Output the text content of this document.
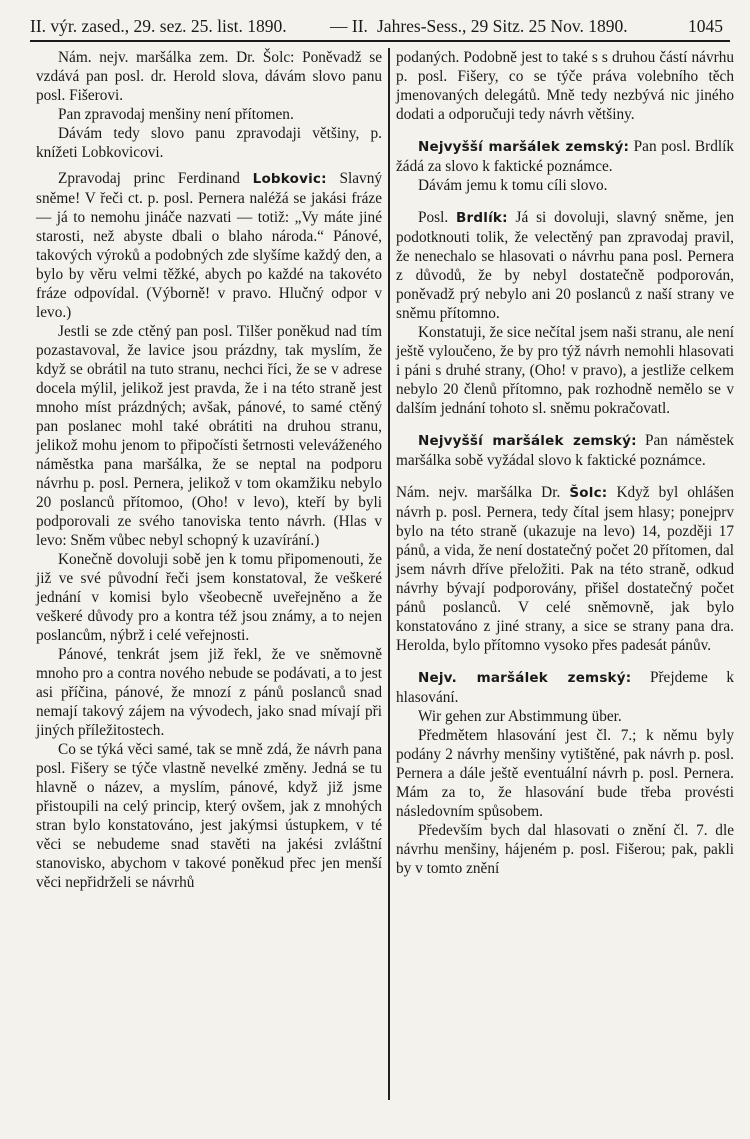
II. výr. zased., 29. sez. 25. list. 1890. — II. Jahres-Sess., 29 Sitz. 25 Nov. 1890.	1045

Nám. nejv. maršálka zem. Dr. Šolc: Poněvadž se vzdává pan posl. dr. Herold slova, dávám slovo panu posl. Fišerovi.

Pan zpravodaj menšiny není přítomen.

Dávám tedy slovo panu zpravodaji většiny, p. knížeti Lobkovicovi.

Zpravodaj princ Ferdinand Lobkovic: Slavný sněme! V řeči ct. p. posl. Pernera naléžá se jakási fráze — já to nemohu jináče nazvati — totiž: „Vy máte jiné starosti, než abyste dbali o blaho národa.“ Pánové, takových výroků a podobných zde slyšíme každý den, a bylo by věru velmi těžké, abych po každé na takovéto fráze odpovídal. (Výborně! v pravo. Hlučný odpor v levo.)

Jestli se zde ctěný pan posl. Tilšer poněkud nad tím pozastavoval, že lavice jsou prázdny, tak myslím, že když se obrátil na tuto stranu, nechci říci, že se v adrese docela mýlil, jelikož jest pravda, že i na této straně jest mnoho míst prázdných; avšak, pánové, to samé ctěný pan poslanec mohl také obrátiti na druhou stranu, jelikož mohu jenom to připočísti šetrnosti veleváženého náměstka pana maršálka, že se neptal na podporu návrhu p. posl. Pernera, jelikož v tom okamžiku nebylo 20 poslanců přítomoo, (Oho! v levo), kteří by byli podporovali ze svého tanoviska tento návrh. (Hlas v levo: Sněm vůbec nebyl schopný k uzavírání.)

Konečně dovoluji sobě jen k tomu připomenouti, že již ve své původní řeči jsem konstatoval, že veškeré jednání v komisi bylo všeobecně uveřejněno a že veškeré důvody pro a kontra též jsou známy, a to nejen poslancům, nýbrž i celé veřejnosti.

Pánové, tenkrát jsem již řekl, že ve sněmovně mnoho pro a contra nového nebude se podávati, a to jest asi příčina, pánové, že mnozí z pánů poslanců snad nemají takový zájem na vývodech, jako snad mívají při jiných příležitostech.

Co se týká věci samé, tak se mně zdá, že návrh pana posl. Fišery se týče vlastně nevelké změny. Jedná se tu hlavně o název, a myslím, pánové, když již jsme přistoupili na celý princip, který ovšem, jak z mnohých stran bylo konstatováno, jest jakýmsi ústupkem, v té věci se nebudeme snad stavěti na jakési zvláštní stanovisko, abychom v takové poněkud přec jen menší věci nepřidrželi se návrhů

podaných. Podobně jest to také s s druhou částí návrhu p. posl. Fišery, co se týče práva volebního těch jmenovaných delegátů. Mně tedy nezbývá nic jiného dodati a odporučuji tedy návrh většiny.

Nejvyšší maršálek zemský: Pan posl. Brdlík žádá za slovo k faktické poznámce.

Dávám jemu k tomu cíli slovo.

Posl. Brdlík: Já si dovoluji, slavný sněme, jen podotknouti tolik, že velectěný pan zpravodaj pravil, že nenechalo se hlasovati o návrhu pana posl. Pernera z důvodů, že by nebyl dostatečně podporován, poněvadž prý nebylo ani 20 poslanců z naší strany ve sněmu přítomno.

Konstatuji, že sice nečítal jsem naši stranu, ale není ještě vyloučeno, že by pro týž návrh nemohli hlasovati i páni s druhé strany, (Oho! v pravo), a jestliže celkem nebylo 20 členů přítomno, pak rozhodně nemělo se v dalším jednání tohoto sl. sněmu pokračovatl.

Nejvyšší maršálek zemský: Pan náměstek maršálka sobě vyžádal slovo k faktické poznámce.

Nám. nejv. maršálka Dr. Šolc: Když byl ohlášen návrh p. posl. Pernera, tedy čítal jsem hlasy; ponejprv bylo na této straně (ukazuje na levo) 14, později 17 pánů, a vida, že není dostatečný počet 20 přítomen, dal jsem návrh dříve přeložiti. Pak na této straně, odkud návrhy bývají podporovány, přišel dostatečný počet pánů poslanců. V celé sněmovně, jak bylo konstatováno z jiné strany, a sice se strany pana dra. Herolda, bylo přítomno vysoko přes padesát pánův.

Nejv. maršálek zemský: Přejdeme k hlasování.

Wir gehen zur Abstimmung über.

Předmětem hlasování jest čl. 7.; k němu byly podány 2 návrhy menšiny vytištěné, pak návrh p. posl. Pernera a dále ještě eventuální návrh p. posl. Pernera. Mám za to, že hlasování bude třeba provésti následovním spůsobem.

Především bych dal hlasovati o znění čl. 7. dle návrhu menšiny, hájeném p. posl. Fišerou; pak, pakli by v tomto znění
